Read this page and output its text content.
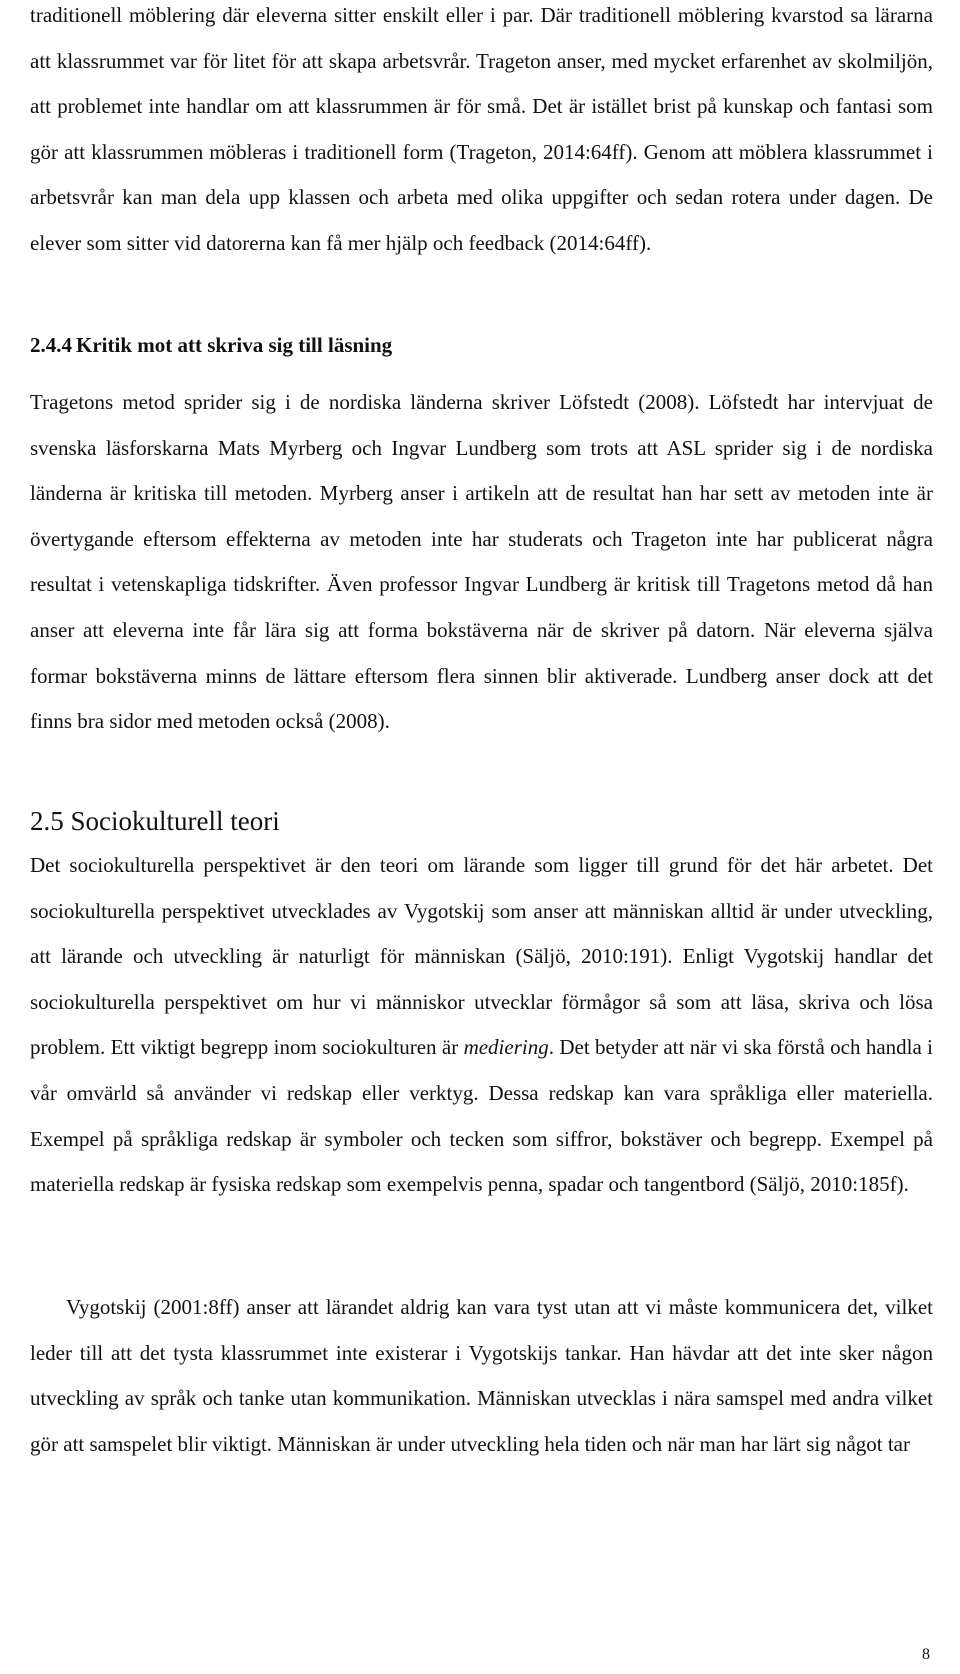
traditionell möblering där eleverna sitter enskilt eller i par. Där traditionell möblering kvarstod sa lärarna att klassrummet var för litet för att skapa arbetsvrår. Trageton anser, med mycket erfarenhet av skolmiljön, att problemet inte handlar om att klassrummen är för små. Det är istället brist på kunskap och fantasi som gör att klassrummen möbleras i traditionell form (Trageton, 2014:64ff). Genom att möblera klassrummet i arbetsvrår kan man dela upp klassen och arbeta med olika uppgifter och sedan rotera under dagen. De elever som sitter vid datorerna kan få mer hjälp och feedback (2014:64ff).

2.4.4 Kritik mot att skriva sig till läsning

Tragetons metod sprider sig i de nordiska länderna skriver Löfstedt (2008). Löfstedt har intervjuat de svenska läsforskarna Mats Myrberg och Ingvar Lundberg som trots att ASL sprider sig i de nordiska länderna är kritiska till metoden. Myrberg anser i artikeln att de resultat han har sett av metoden inte är övertygande eftersom effekterna av metoden inte har studerats och Trageton inte har publicerat några resultat i vetenskapliga tidskrifter. Även professor Ingvar Lundberg är kritisk till Tragetons metod då han anser att eleverna inte får lära sig att forma bokstäverna när de skriver på datorn. När eleverna själva formar bokstäverna minns de lättare eftersom flera sinnen blir aktiverade. Lundberg anser dock att det finns bra sidor med metoden också (2008).

2.5 Sociokulturell teori

Det sociokulturella perspektivet är den teori om lärande som ligger till grund för det här arbetet. Det sociokulturella perspektivet utvecklades av Vygotskij som anser att människan alltid är under utveckling, att lärande och utveckling är naturligt för människan (Säljö, 2010:191). Enligt Vygotskij handlar det sociokulturella perspektivet om hur vi människor utvecklar förmågor så som att läsa, skriva och lösa problem. Ett viktigt begrepp inom sociokulturen är mediering. Det betyder att när vi ska förstå och handla i vår omvärld så använder vi redskap eller verktyg. Dessa redskap kan vara språkliga eller materiella. Exempel på språkliga redskap är symboler och tecken som siffror, bokstäver och begrepp. Exempel på materiella redskap är fysiska redskap som exempelvis penna, spadar och tangentbord (Säljö, 2010:185f).

Vygotskij (2001:8ff) anser att lärandet aldrig kan vara tyst utan att vi måste kommunicera det, vilket leder till att det tysta klassrummet inte existerar i Vygotskijs tankar. Han hävdar att det inte sker någon utveckling av språk och tanke utan kommunikation. Människan utvecklas i nära samspel med andra vilket gör att samspelet blir viktigt. Människan är under utveckling hela tiden och när man har lärt sig något tar

8
